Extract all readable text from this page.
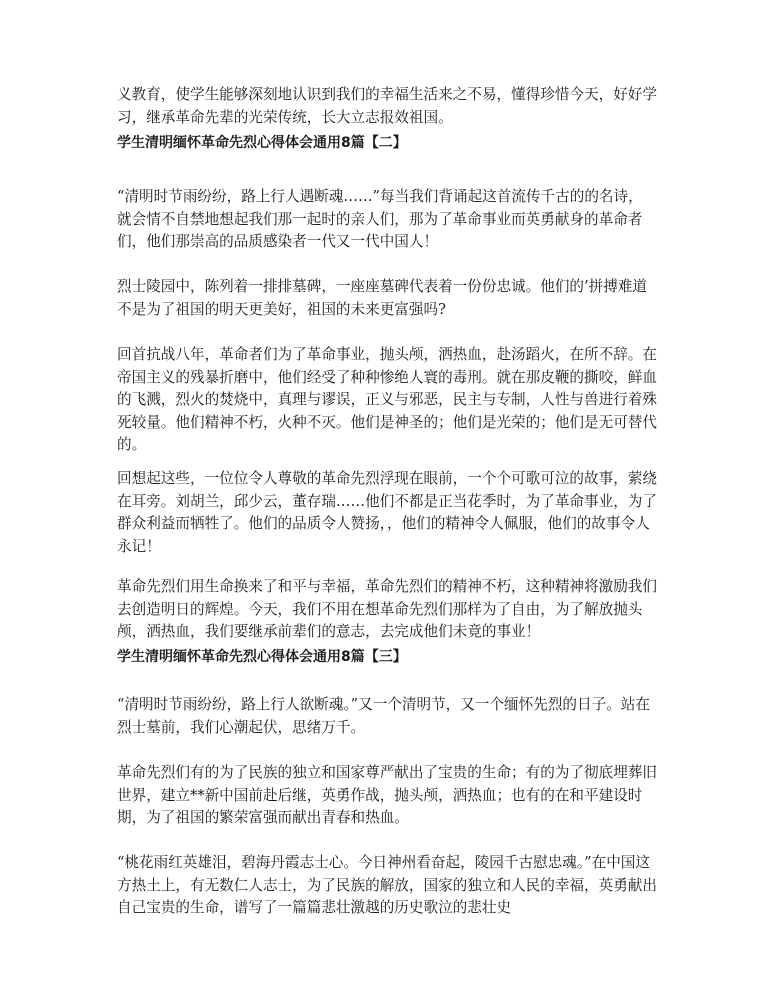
义教育，使学生能够深刻地认识到我们的幸福生活来之不易，懂得珍惜今天，好好学习，继承革命先辈的光荣传统，长大立志报效祖国。

学生清明缅怀革命先烈心得体会通用8篇【二】

“清明时节雨纷纷，路上行人遇断魂……”每当我们背诵起这首流传千古的的名诗，就会情不自禁地想起我们那一起时的亲人们，那为了革命事业而英勇献身的革命者们，他们那崇高的品质感染者一代又一代中国人！

烈士陵园中，陈列着一排排墓碑，一座座墓碑代表着一份份忠诚。他们的’拼搏难道不是为了祖国的明天更美好，祖国的未来更富强吗?

回首抗战八年，革命者们为了革命事业，抛头颅，洒热血，赴汤蹈火，在所不辞。在帝国主义的残暴折磨中，他们经受了种种惨绝人寰的毒刑。就在那皮鞭的撕咬，鲜血的飞溅，烈火的焚烧中，真理与谬误，正义与邪恶，民主与专制，人性与兽进行着殊死较量。他们精神不朽，火种不灭。他们是神圣的；他们是光荣的；他们是无可替代的。

回想起这些，一位位令人尊敬的革命先烈浮现在眼前，一个个可歌可泣的故事，萦绕在耳旁。刘胡兰，邱少云，董存瑞……他们不都是正当花季时，为了革命事业，为了群众利益而牺牲了。他们的品质令人赞扬，，他们的精神令人佩服，他们的故事令人永记！

革命先烈们用生命换来了和平与幸福，革命先烈们的精神不朽，这种精神将激励我们去创造明日的辉煌。今天，我们不用在想革命先烈们那样为了自由，为了解放抛头颅，洒热血，我们要继承前辈们的意志，去完成他们未竟的事业！

学生清明缅怀革命先烈心得体会通用8篇【三】

“清明时节雨纷纷，路上行人欲断魂。”又一个清明节，又一个缅怀先烈的日子。站在烈士墓前，我们心潮起伏，思绪万千。

革命先烈们有的为了民族的独立和国家尊严献出了宝贵的生命；有的为了彻底埋葬旧世界，建立**新中国前赴后继，英勇作战，抛头颅，洒热血；也有的在和平建设时期，为了祖国的繁荣富强而献出青春和热血。

“桃花雨红英雄泪，碧海丹霞志士心。今日神州看奋起，陵园千古慰忠魂。”在中国这方热土上，有无数仁人志士，为了民族的解放，国家的独立和人民的幸福，英勇献出自己宝贵的生命，谱写了一篇篇悲壮激越的历史歌泣的悲壮史
